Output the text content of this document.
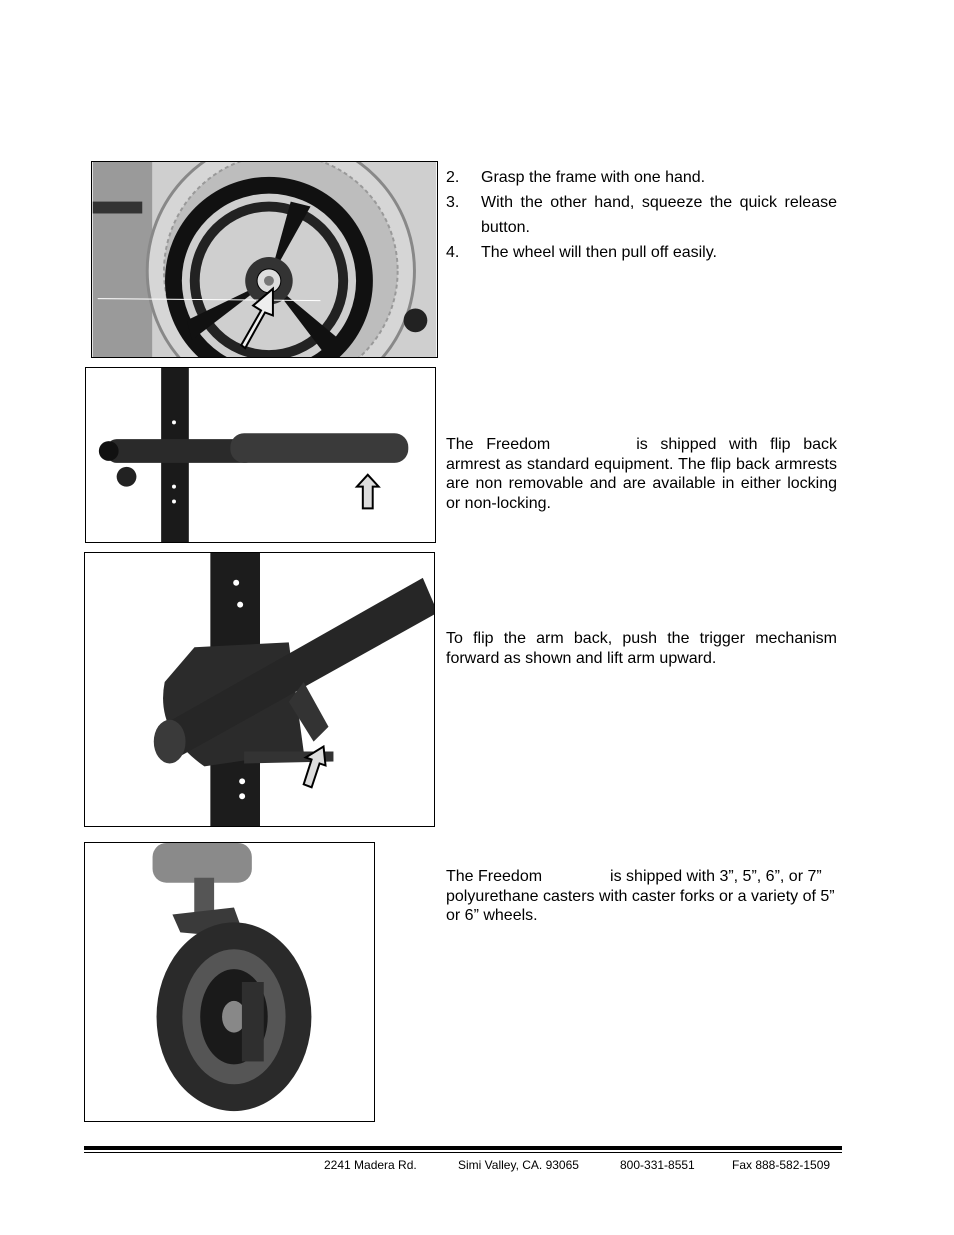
2.	Grasp the frame with one hand.
3.	With the other hand, squeeze the quick release button.
4.	The wheel will then pull off easily.
The Freedom	is shipped with flip back armrest as standard equipment. The flip back armrests are non removable and are available in either locking or non-locking.
To flip the arm back, push the trigger mechanism forward as shown and lift arm upward.
The Freedom	is shipped with 3”, 5”, 6”, or 7” polyurethane casters with caster forks or a variety of 5” or 6” wheels.
2241 Madera Rd.	Simi Valley, CA. 93065	800-331-8551	Fax 888-582-1509
